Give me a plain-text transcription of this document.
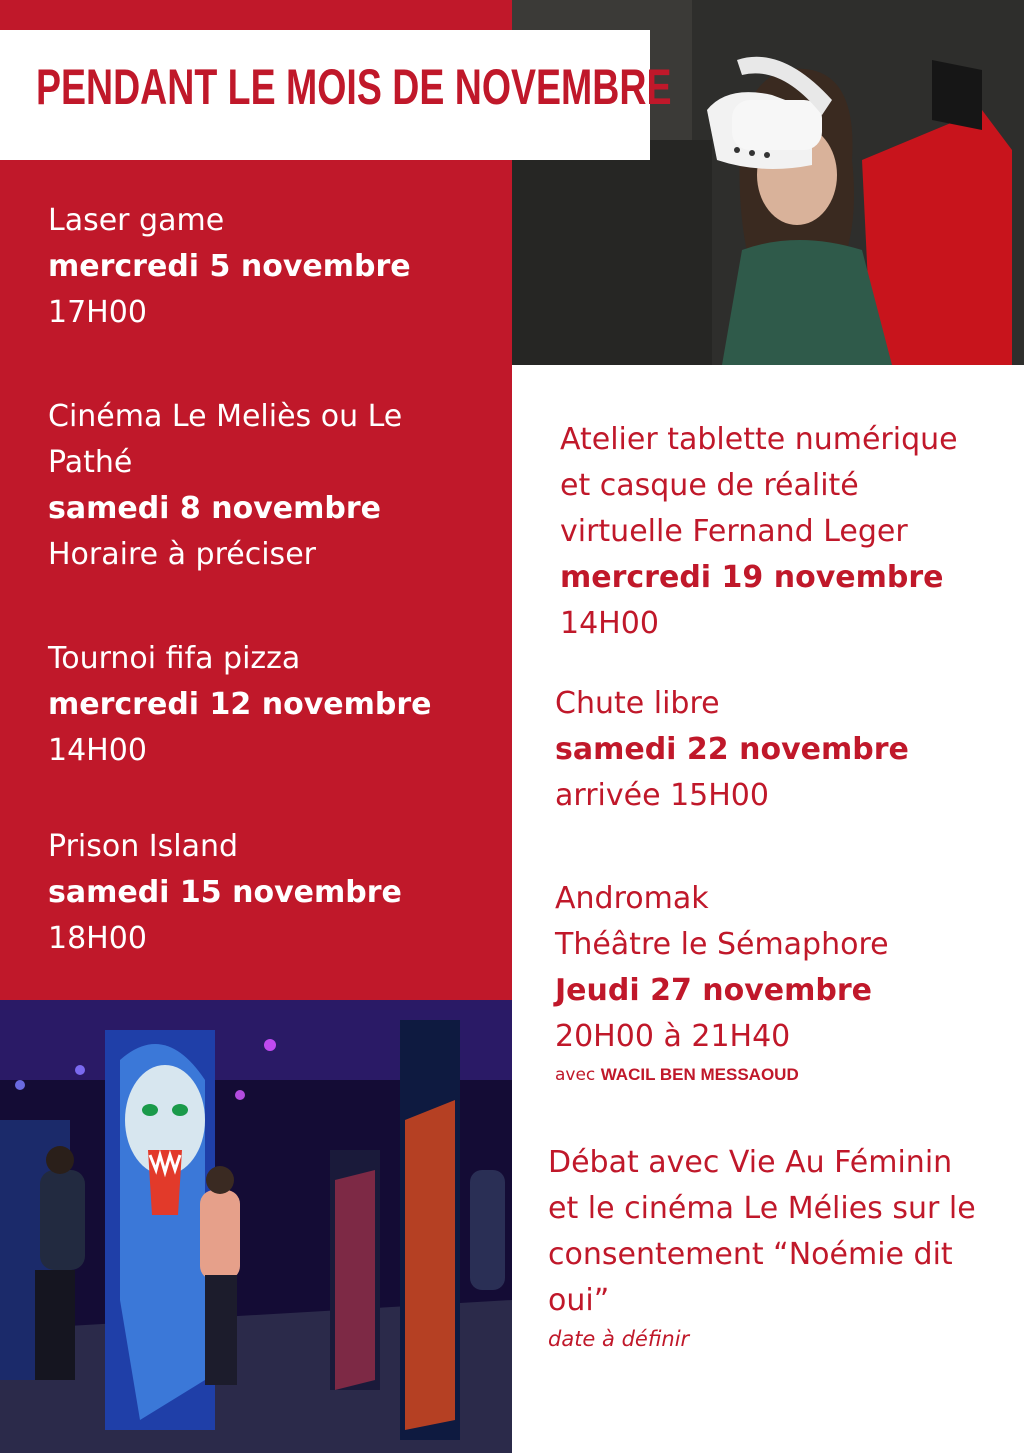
PENDANT LE MOIS DE NOVEMBRE
Laser game
mercredi 5 novembre
17H00
Cinéma Le Meliès ou Le
Pathé
samedi 8 novembre
Horaire à préciser
Tournoi fifa pizza
mercredi 12 novembre
14H00
Prison Island
samedi 15 novembre
18H00
Atelier tablette numérique
et casque de réalité
virtuelle Fernand Leger
mercredi 19 novembre
14H00
Chute libre
samedi 22 novembre
arrivée 15H00
Andromak
Théâtre le Sémaphore
Jeudi 27 novembre
20H00 à 21H40
avec WACIL BEN MESSAOUD
Débat avec Vie Au Féminin
et le cinéma Le Mélies sur le
consentement “Noémie dit
oui”
date à définir
